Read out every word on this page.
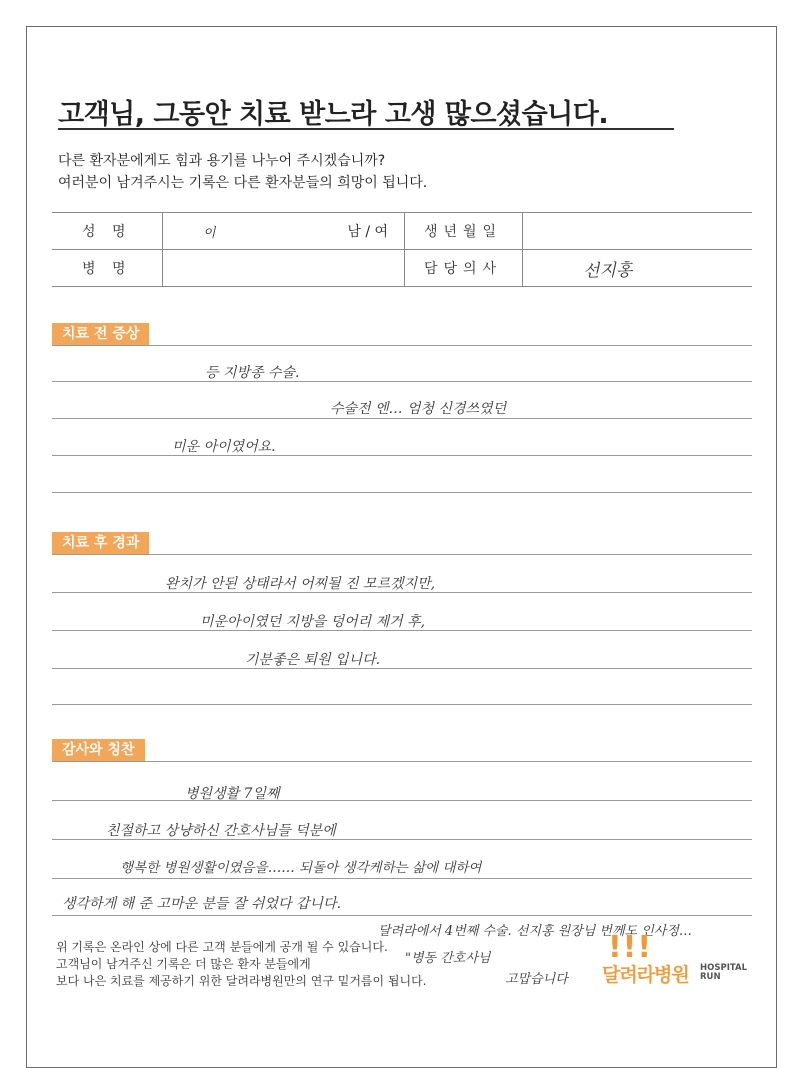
고객님, 그동안 치료 받느라 고생 많으셨습니다.
다른 환자분에게도 힘과 용기를 나누어 주시겠습니까?
여러분이 남겨주시는 기록은 다른 환자분들의 희망이 됩니다.
성 명	이	남 / 여	생년월일	
병 명			담당의사	선지홍
치료 전 증상
등 지방종 수술.
수술전 엔… 엄청 신경쓰였던
미운 아이였어요.
치료 후 경과
완치가 안된 상태라서 어찌될 진 모르겠지만,
미운아이였던 지방을 덩어리 제거 후,
기분좋은 퇴원 입니다.
감사와 칭찬
병원생활 7일째
친절하고 상냥하신 간호사님들 덕분에
행복한 병원생활이였음을…… 되돌아 생각케하는 삶에 대하여
생각하게 해 준 고마운 분들 잘 쉬었다 갑니다.
달려라에서 4번째 수술. 선지홍 원장님 번께도 인사정…
"병동 간호사님
고맙습니다
위 기록은 온라인 상에 다른 고객 분들에게 공개 될 수 있습니다.
고객님이 남겨주신 기록은 더 많은 환자 분들에게
보다 나은 치료를 제공하기 위한 달려라병원만의 연구 밑거름이 됩니다.
!!!
달려라병원 HOSPITAL
RUN
